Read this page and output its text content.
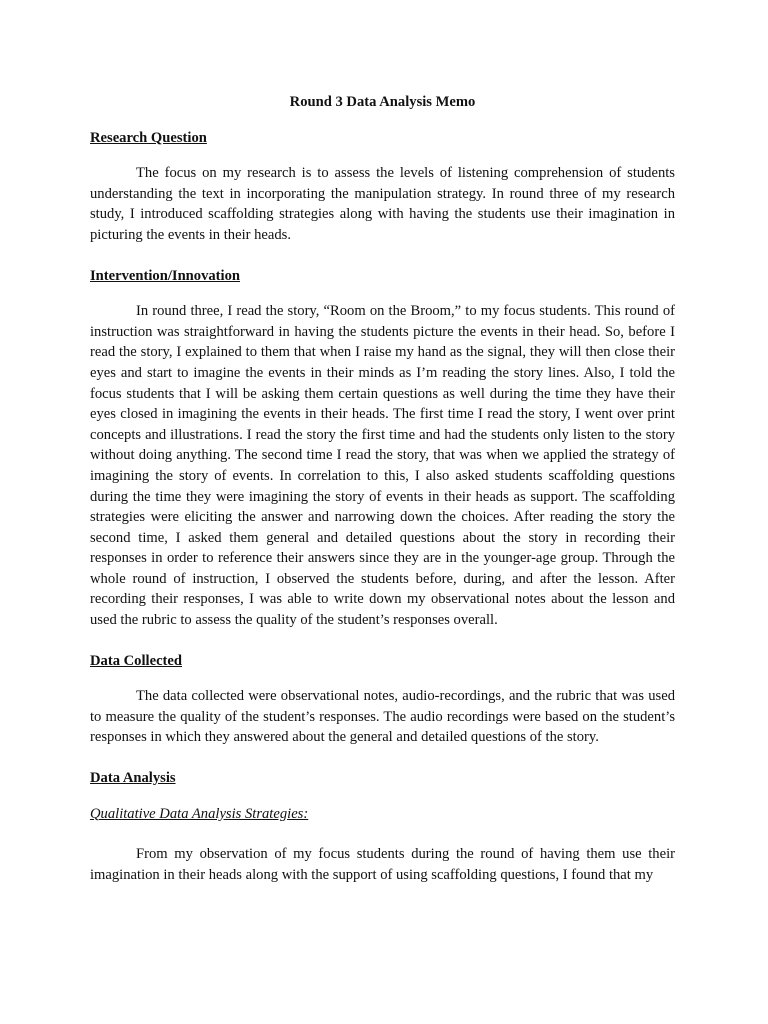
Round 3 Data Analysis Memo
Research Question

The focus on my research is to assess the levels of listening comprehension of students understanding the text in incorporating the manipulation strategy. In round three of my research study, I introduced scaffolding strategies along with having the students use their imagination in picturing the events in their heads.

Intervention/Innovation

In round three, I read the story, “Room on the Broom,” to my focus students. This round of instruction was straightforward in having the students picture the events in their head. So, before I read the story, I explained to them that when I raise my hand as the signal, they will then close their eyes and start to imagine the events in their minds as I’m reading the story lines. Also, I told the focus students that I will be asking them certain questions as well during the time they have their eyes closed in imagining the events in their heads. The first time I read the story, I went over print concepts and illustrations. I read the story the first time and had the students only listen to the story without doing anything. The second time I read the story, that was when we applied the strategy of imagining the story of events. In correlation to this, I also asked students scaffolding questions during the time they were imagining the story of events in their heads as support. The scaffolding strategies were eliciting the answer and narrowing down the choices. After reading the story the second time, I asked them general and detailed questions about the story in recording their responses in order to reference their answers since they are in the younger-age group. Through the whole round of instruction, I observed the students before, during, and after the lesson. After recording their responses, I was able to write down my observational notes about the lesson and used the rubric to assess the quality of the student’s responses overall.

Data Collected

The data collected were observational notes, audio-recordings, and the rubric that was used to measure the quality of the student’s responses. The audio recordings were based on the student’s responses in which they answered about the general and detailed questions of the story.

Data Analysis
Qualitative Data Analysis Strategies:

From my observation of my focus students during the round of having them use their imagination in their heads along with the support of using scaffolding questions, I found that my
